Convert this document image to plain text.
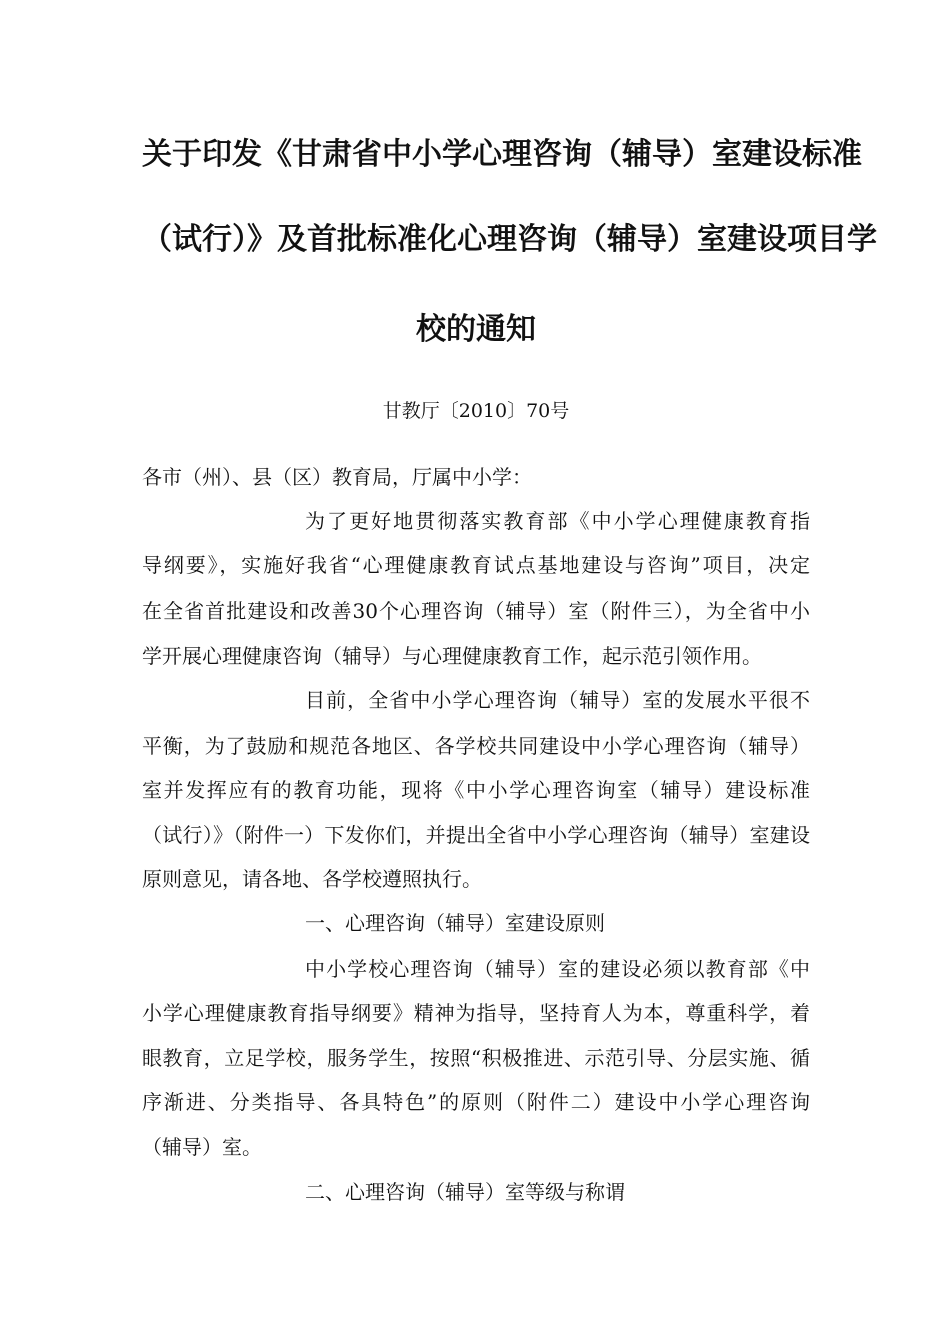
关于印发《甘肃省中小学心理咨询（辅导）室建设标准
（试行）》及首批标准化心理咨询（辅导）室建设项目学
校的通知
甘教厅〔2010〕70号
各市（州）、县（区）教育局，厅属中小学：
为了更好地贯彻落实教育部《中小学心理健康教育指
导纲要》，实施好我省“心理健康教育试点基地建设与咨询”项目，决定
在全省首批建设和改善30个心理咨询（辅导）室（附件三），为全省中小
学开展心理健康咨询（辅导）与心理健康教育工作，起示范引领作用。
目前，全省中小学心理咨询（辅导）室的发展水平很不
平衡，为了鼓励和规范各地区、各学校共同建设中小学心理咨询（辅导）
室并发挥应有的教育功能，现将《中小学心理咨询室（辅导）建设标准
（试行）》（附件一）下发你们，并提出全省中小学心理咨询（辅导）室建设
原则意见，请各地、各学校遵照执行。
一、心理咨询（辅导）室建设原则
中小学校心理咨询（辅导）室的建设必须以教育部《中
小学心理健康教育指导纲要》精神为指导，坚持育人为本，尊重科学，着
眼教育，立足学校，服务学生，按照“积极推进、示范引导、分层实施、循
序渐进、分类指导、各具特色”的原则（附件二）建设中小学心理咨询
（辅导）室。
二、心理咨询（辅导）室等级与称谓
